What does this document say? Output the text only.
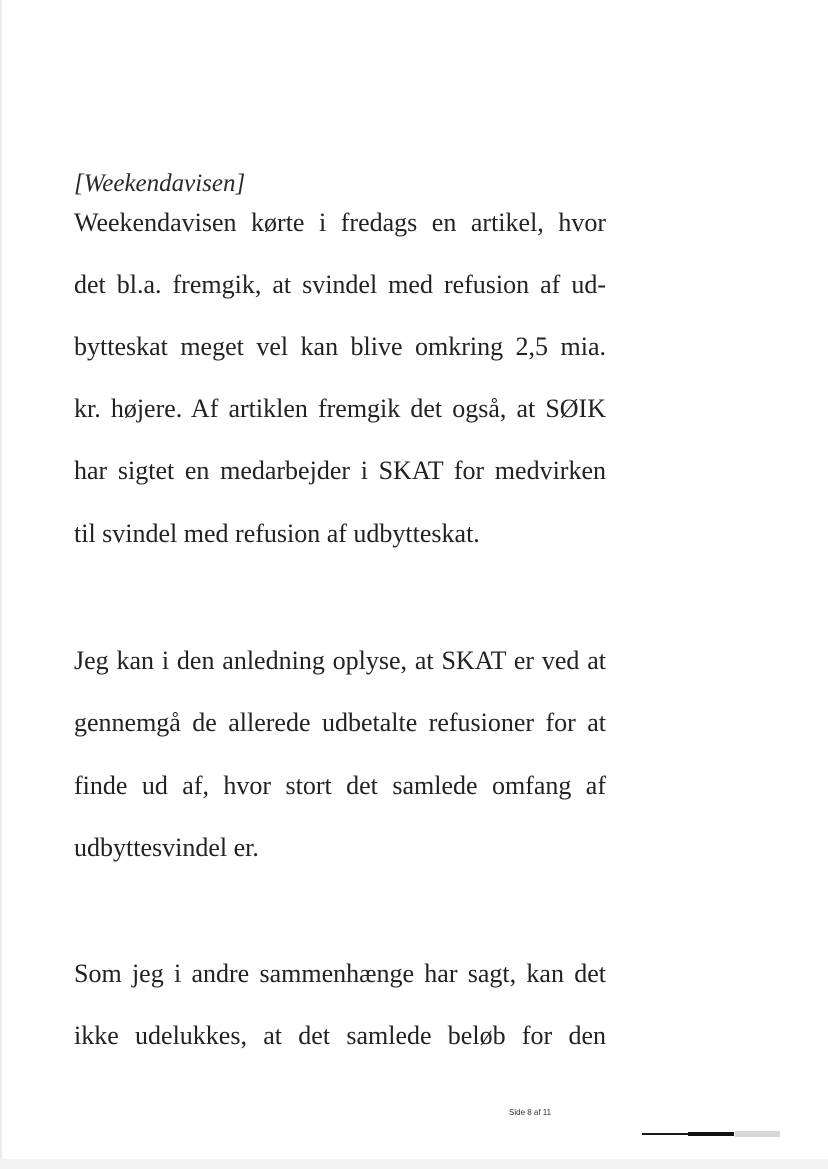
[Weekendavisen]

Weekendavisen kørte i fredags en artikel, hvor

det bl.a. fremgik, at svindel med refusion af ud-

bytteskat meget vel kan blive omkring 2,5 mia.

kr. højere. Af artiklen fremgik det også, at SØIK

har sigtet en medarbejder i SKAT for medvirken

til svindel med refusion af udbytteskat.

Jeg kan i den anledning oplyse, at SKAT er ved at

gennemgå de allerede udbetalte refusioner for at

finde ud af, hvor stort det samlede omfang af

udbyttesvindel er.

Som jeg i andre sammenhænge har sagt, kan det

ikke udelukkes, at det samlede beløb for den

Side 8 af 11
